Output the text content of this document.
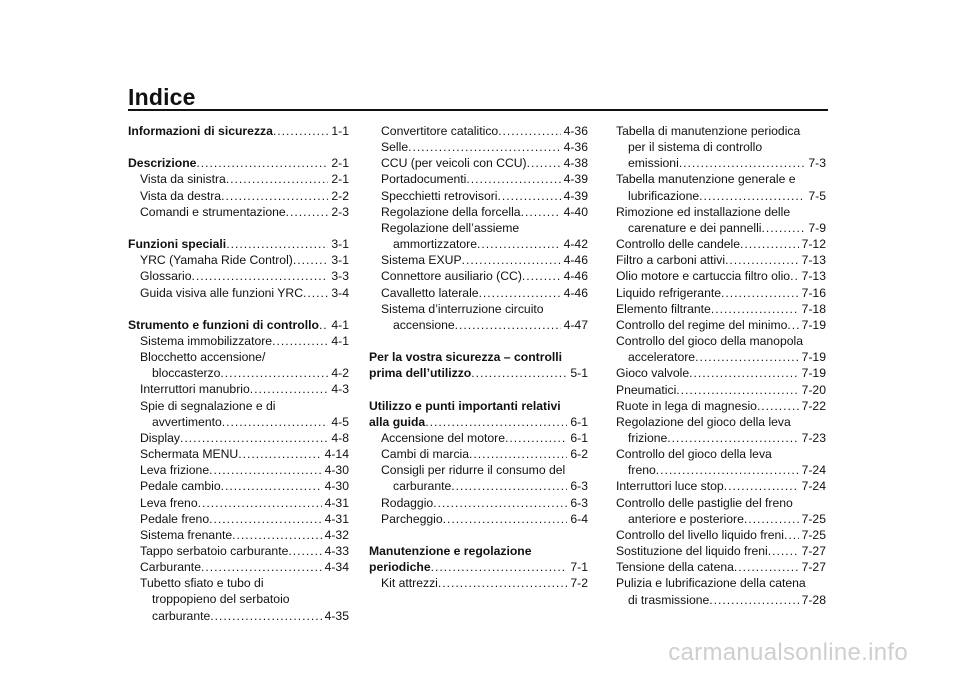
Indice
Informazioni di sicurezza . . .	1-1
Descrizione . . .	2-1
Vista da sinistra . . .	2-1
Vista da destra . . .	2-2
Comandi e strumentazione . . .	2-3
Funzioni speciali . . .	3-1
YRC (Yamaha Ride Control) . . .	3-1
Glossario . . .	3-3
Guida visiva alle funzioni YRC . . . 3-4
Strumento e funzioni di controllo . . . 4-1
Sistema immobilizzatore . . .	4-1
Blocchetto accensione/
bloccasterzo . . .	4-2
Interruttori manubrio . . .	4-3
Spie di segnalazione e di
avvertimento . . .	4-5
Display . . .	4-8
Schermata MENU . . .	4-14
Leva frizione . . .	4-30
Pedale cambio . . .	4-30
Leva freno . . .	4-31
Pedale freno . . .	4-31
Sistema frenante . . .	4-32
Tappo serbatoio carburante . . .	4-33
Carburante . . .	4-34
Tubetto sfiato e tubo di
troppopieno del serbatoio
carburante . . .	4-35
Convertitore catalitico . . .	4-36
Selle . . .	4-36
CCU (per veicoli con CCU) . . .	4-38
Portadocumenti . . .	4-39
Specchietti retrovisori . . .	4-39
Regolazione della forcella . . .	4-40
Regolazione dell’assieme
ammortizzatore . . .	4-42
Sistema EXUP . . .	4-46
Connettore ausiliario (CC) . . .	4-46
Cavalletto laterale . . .	4-46
Sistema d’interruzione circuito
accensione . . .	4-47
Per la vostra sicurezza – controlli
prima dell’utilizzo . . .	5-1
Utilizzo e punti importanti relativi
alla guida . . .	6-1
Accensione del motore . . .	6-1
Cambi di marcia . . .	6-2
Consigli per ridurre il consumo del
carburante . . .	6-3
Rodaggio . . .	6-3
Parcheggio . . .	6-4
Manutenzione e regolazione
periodiche . . .	7-1
Kit attrezzi . . .	7-2
Tabella di manutenzione periodica
per il sistema di controllo
emissioni . . .	7-3
Tabella manutenzione generale e
lubrificazione . . .	7-5
Rimozione ed installazione delle
carenature e dei pannelli . . .	7-9
Controllo delle candele . . .	7-12
Filtro a carboni attivi . . .	7-13
Olio motore e cartuccia filtro olio . . . 7-13
Liquido refrigerante . . .	7-16
Elemento filtrante . . .	7-18
Controllo del regime del minimo . . . 7-19
Controllo del gioco della manopola
acceleratore . . .	7-19
Gioco valvole . . .	7-19
Pneumatici . . .	7-20
Ruote in lega di magnesio . . .	7-22
Regolazione del gioco della leva
frizione . . .	7-23
Controllo del gioco della leva
freno . . .	7-24
Interruttori luce stop . . .	7-24
Controllo delle pastiglie del freno
anteriore e posteriore . . .	7-25
Controllo del livello liquido freni . . . 7-25
Sostituzione del liquido freni . . .	7-27
Tensione della catena . . .	7-27
Pulizia e lubrificazione della catena
di trasmissione . . .	7-28
carmanualsonline.info
